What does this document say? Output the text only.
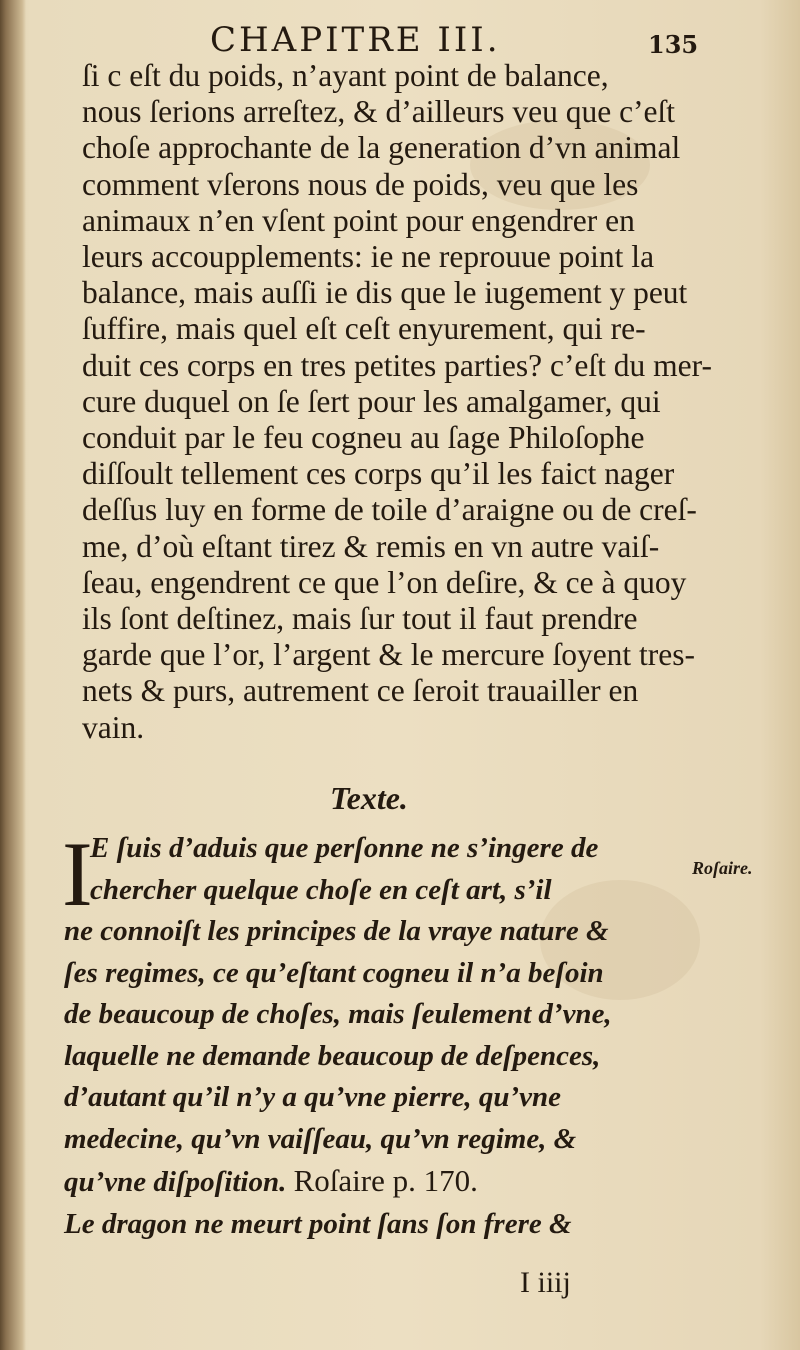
CHAPITRE III.	135
ſi c eſt du poids, n’ayant point de balance,
nous ſerions arreſtez, & d’ailleurs veu que c’eſt
choſe approchante de la generation d’vn animal
comment vſerons nous de poids, veu que les
animaux n’en vſent point pour engendrer en
leurs accoupplements: ie ne reprouue point la
balance, mais auſſi ie dis que le iugement y peut
ſuffire, mais quel eſt ceſt enyurement, qui re-
duit ces corps en tres petites parties? c’eſt du mer-
cure duquel on ſe ſert pour les amalgamer, qui
conduit par le feu cogneu au ſage Philoſophe
diſſoult tellement ces corps qu’il les faict nager
deſſus luy en forme de toile d’araigne ou de creſ-
me, d’où eſtant tirez & remis en vn autre vaiſ-
ſeau, engendrent ce que l’on deſire, & ce à quoy
ils ſont deſtinez, mais ſur tout il faut prendre
garde que l’or, l’argent & le mercure ſoyent tres-
nets & purs, autrement ce ſeroit trauailler en
vain.
Texte.
I
E ſuis d’aduis que perſonne ne s’ingere de
chercher quelque choſe en ceſt art, s’il
ne connoiſt les principes de la vraye nature &
ſes regimes, ce qu’eſtant cogneu il n’a beſoin
de beaucoup de choſes, mais ſeulement d’vne,
laquelle ne demande beaucoup de deſpences,
d’autant qu’il n’y a qu’vne pierre, qu’vne
medecine, qu’vn vaiſſeau, qu’vn regime, &
qu’vne diſpoſition. Roſaire p. 170.
Le dragon ne meurt point ſans ſon frere &
Roſaire.
I iiij
